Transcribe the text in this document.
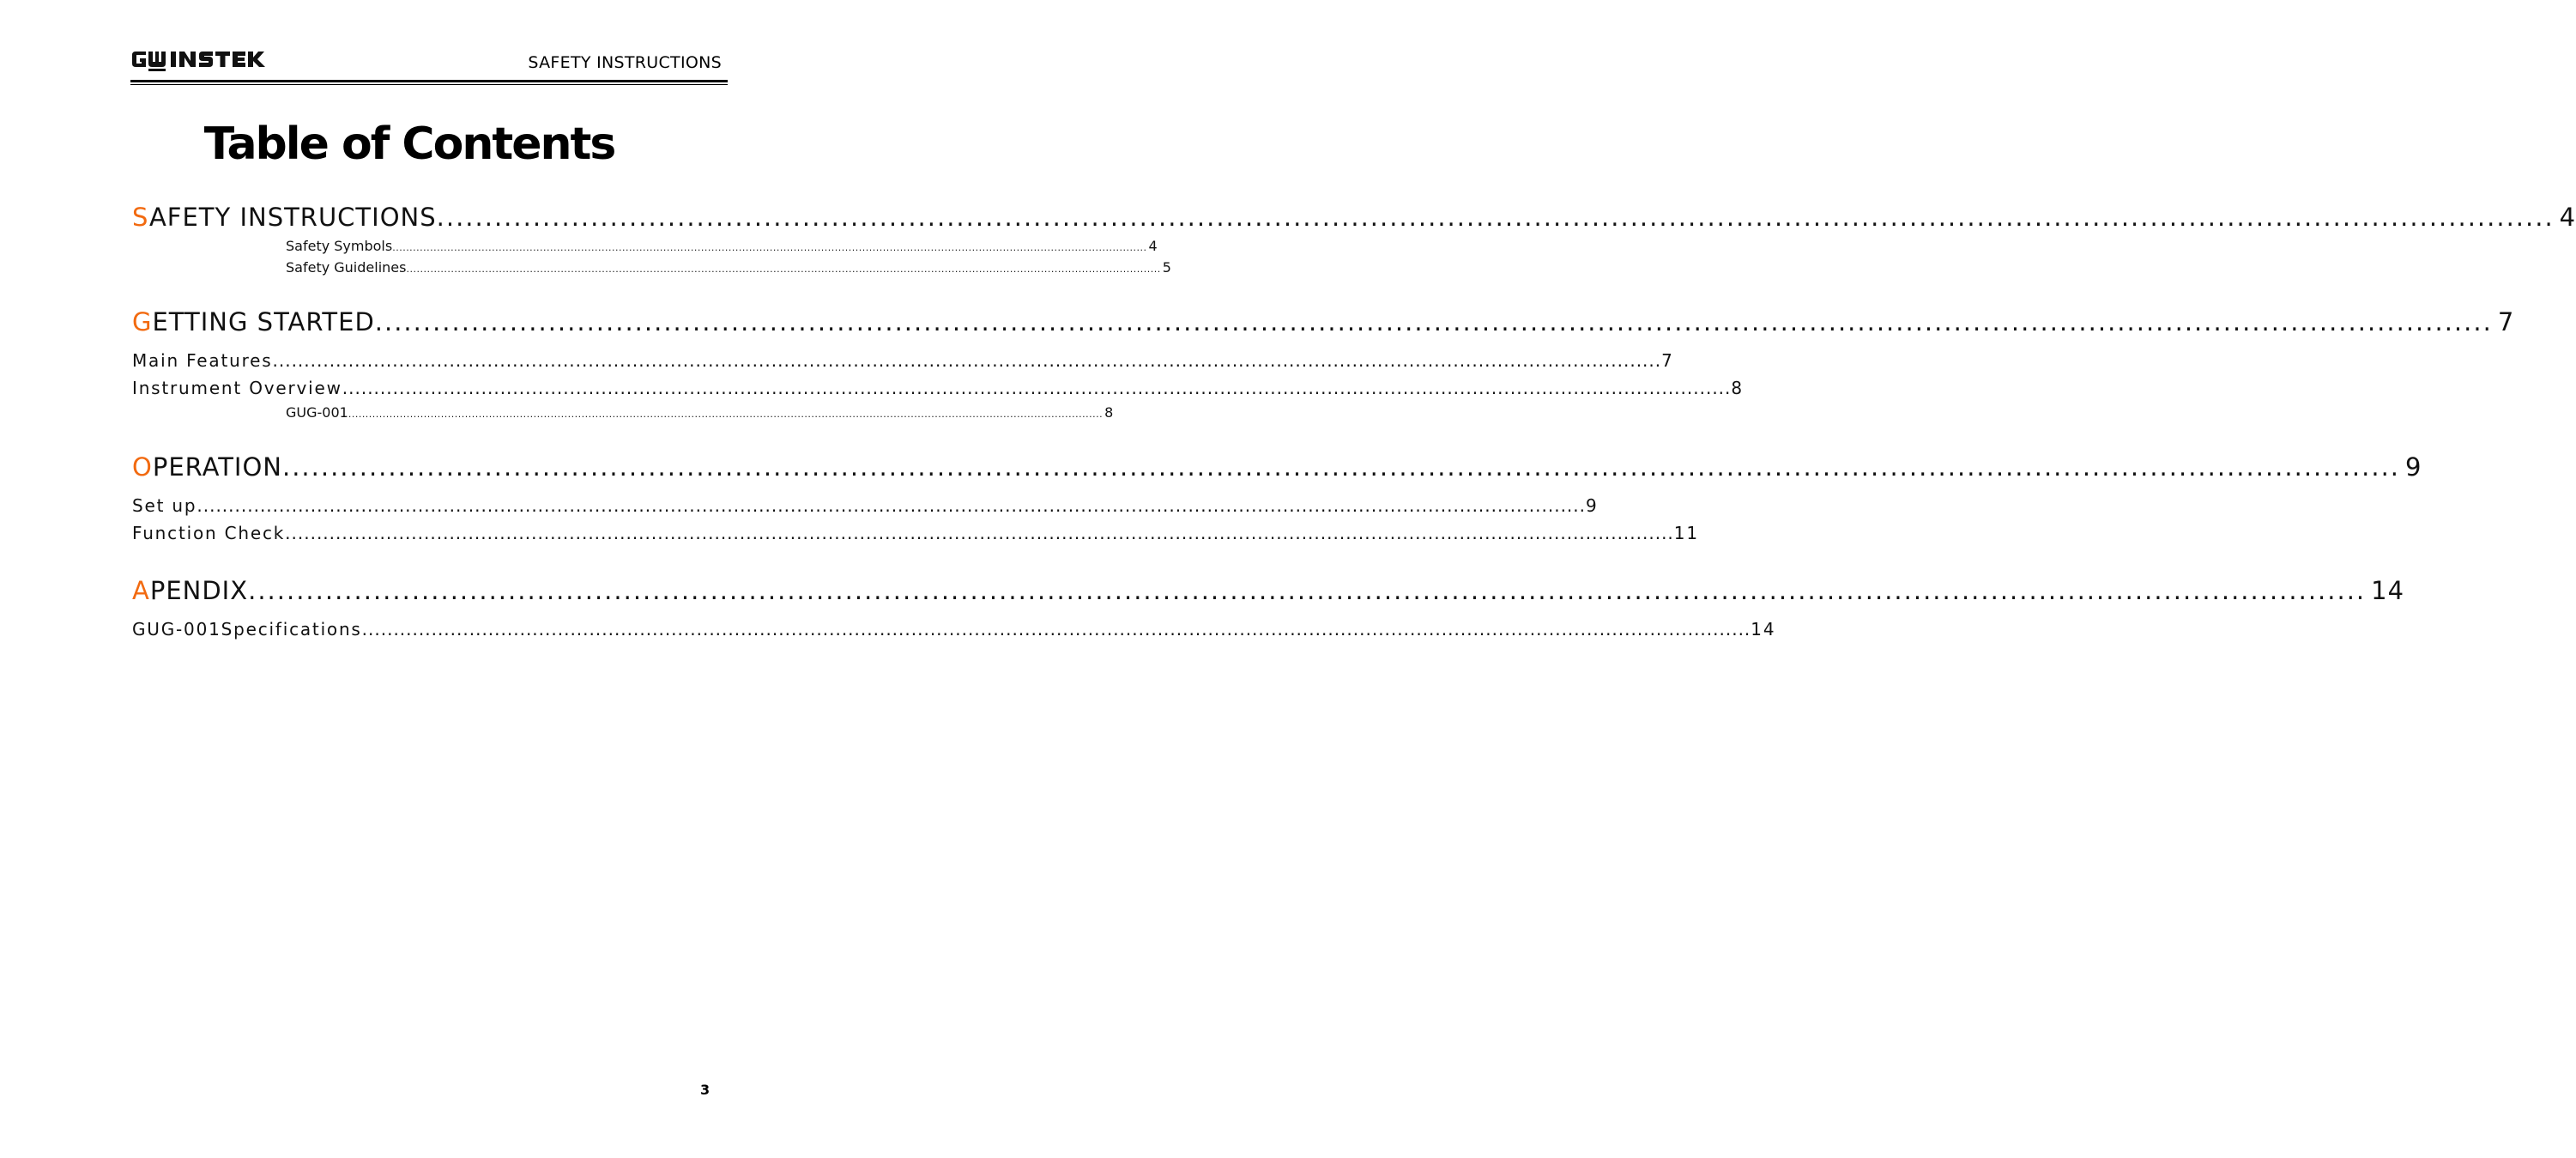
SAFETY INSTRUCTIONS
Table of Contents
SAFETY INSTRUCTIONS ............................................................................................................................................................................................................................ 4
Safety Symbols ............................................................................................................................................................................................................................ 4
Safety Guidelines ............................................................................................................................................................................................................................ 5
GETTING STARTED ............................................................................................................................................................................................................................ 7
Main Features ............................................................................................................................................................................................................................ 7
Instrument Overview ............................................................................................................................................................................................................................ 8
GUG-001 ............................................................................................................................................................................................................................ 8
OPERATION ............................................................................................................................................................................................................................ 9
Set up ............................................................................................................................................................................................................................ 9
Function Check ............................................................................................................................................................................................................................ 11
APENDIX ............................................................................................................................................................................................................................ 14
GUG-001Specifications ............................................................................................................................................................................................................................ 14
3
